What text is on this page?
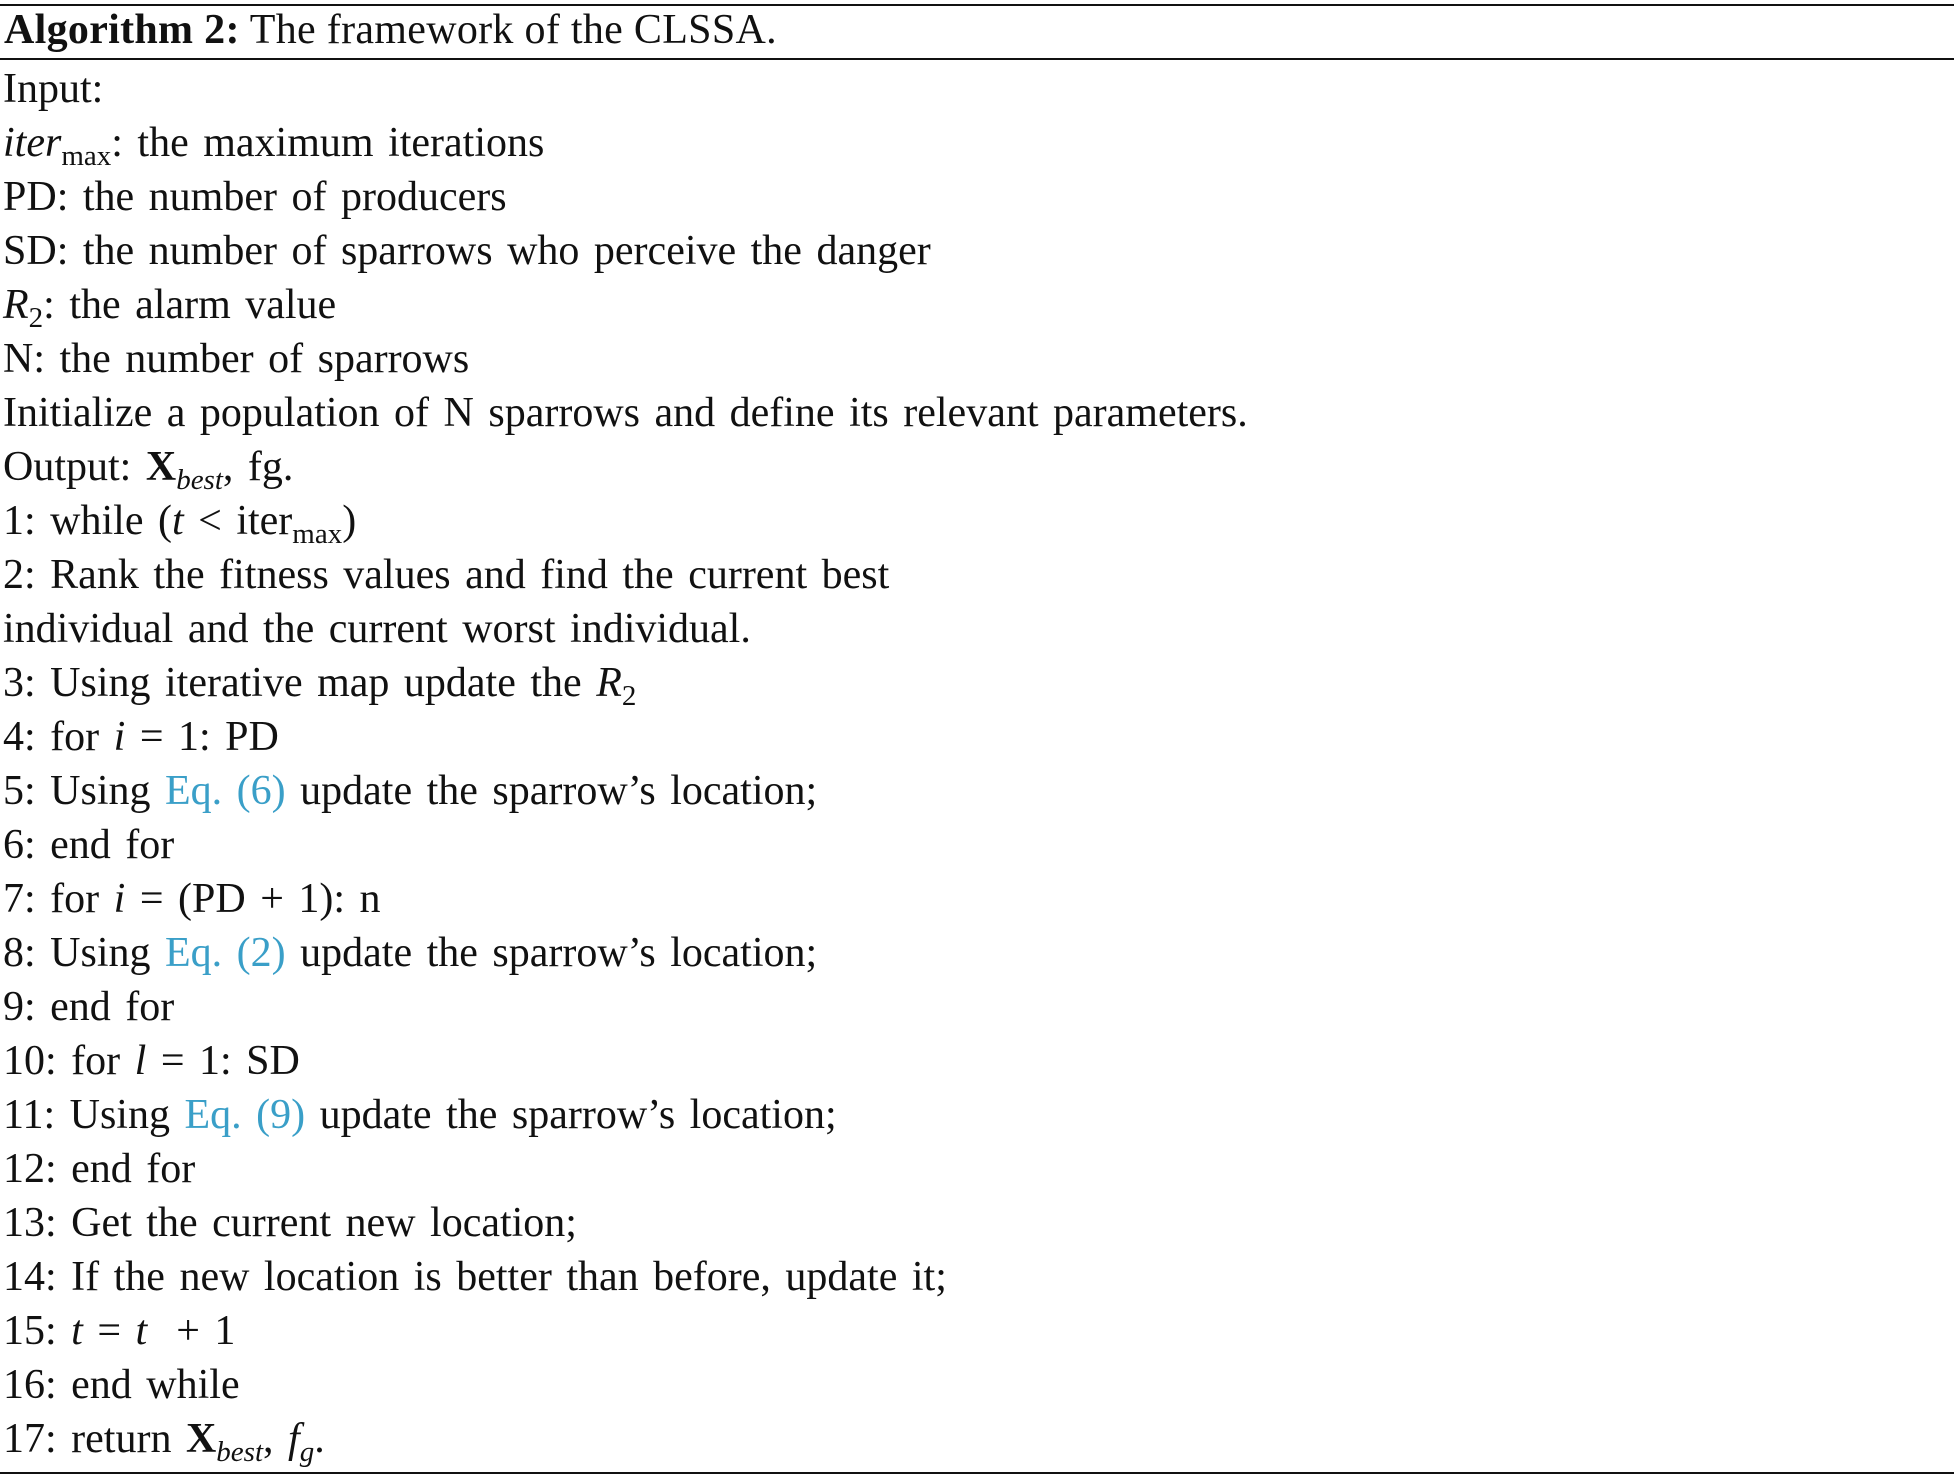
Algorithm 2: The framework of the CLSSA.
Input:
iter$_{max}$: the maximum iterations
PD: the number of producers
SD: the number of sparrows who perceive the danger
$R_2$: the alarm value
N: the number of sparrows
Initialize a population of N sparrows and define its relevant parameters.
Output: $X_{best}$, fg.
1: while (t < iter$_{max}$)
2: Rank the fitness values and find the current best
individual and the current worst individual.
3: Using iterative map update the $R_2$
4: for i = 1: PD
5: Using Eq. (6) update the sparrow’s location;
6: end for
7: for i = (PD + 1): n
8: Using Eq. (2) update the sparrow’s location;
9: end for
10: for l = 1: SD
11: Using Eq. (9) update the sparrow’s location;
12: end for
13: Get the current new location;
14: If the new location is better than before, update it;
15: t = t  + 1
16: end while
17: return $X_{best}$, $f_g$.
